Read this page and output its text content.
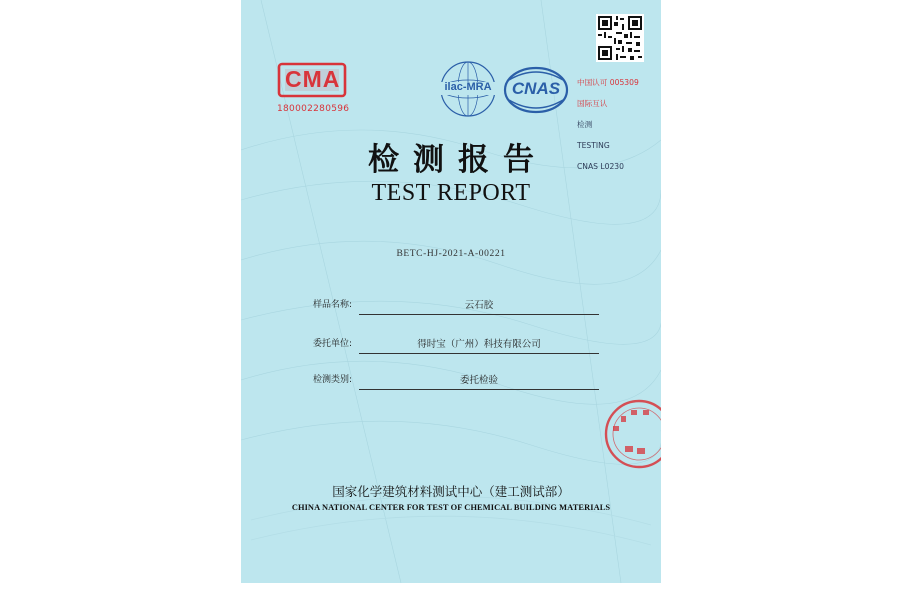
CMA
180002280596
ilac-MRA	CNAS	中国认可 005309

国际互认

检测

TESTING

CNAS L0230

检测报告
TEST REPORT
BETC-HJ-2021-A-00221
样品名称:	云石胶
委托单位:	得时宝（广州）科技有限公司
检测类别:	委托检验
国家化学建筑材料测试中心（建工测试部）
CHINA NATIONAL CENTER FOR TEST OF CHEMICAL BUILDING MATERIALS
